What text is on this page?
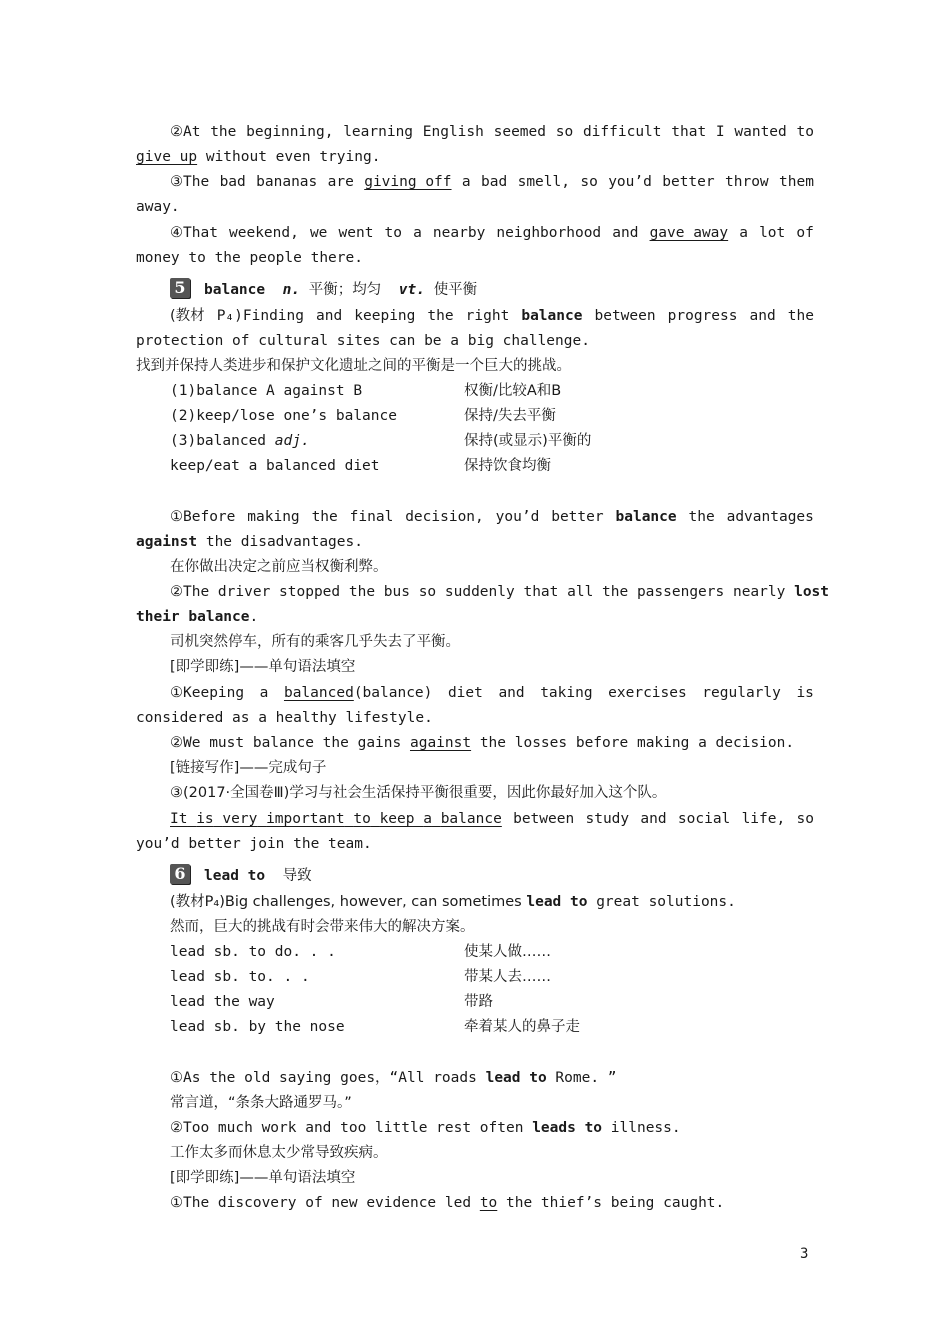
②At the beginning, learning English seemed so difficult that I wanted to
give up without even trying.
③The bad bananas are giving off a bad smell, so you’d better throw them
away.
④That weekend, we went to a nearby neighborhood and gave away a lot of
money to the people there.
5 balance n. 平衡；均匀 vt. 使平衡
(教材 P₄)Finding and keeping the right balance between progress and the
protection of cultural sites can be a big challenge.
找到并保持人类进步和保护文化遗址之间的平衡是一个巨大的挑战。
(1)balance A against B	权衡/比较A和B
(2)keep/lose one’s balance	保持/失去平衡
(3)balanced adj.	保持(或显示)平衡的
keep/eat a balanced diet	保持饮食均衡
①Before making the final decision, you’d better balance the advantages
against the disadvantages.
在你做出决定之前应当权衡利弊。
②The driver stopped the bus so suddenly that all the passengers nearly lost
their balance.
司机突然停车，所有的乘客几乎失去了平衡。
[即学即练]——单句语法填空
①Keeping a balanced(balance) diet and taking exercises regularly is
considered as a healthy lifestyle.
②We must balance the gains against the losses before making a decision.
[链接写作]——完成句子
③(2017·全国卷Ⅲ)学习与社会生活保持平衡很重要，因此你最好加入这个队。
It is very important to keep a balance between study and social life, so
you’d better join the team.
6 lead to 导致
(教材P₄)Big challenges, however, can sometimes lead to great solutions.
然而，巨大的挑战有时会带来伟大的解决方案。
lead sb. to do. . .	使某人做……
lead sb. to. . .	带某人去……
lead the way	带路
lead sb. by the nose	牵着某人的鼻子走
①As the old saying goes，“All roads lead to Rome. ”
常言道，“条条大路通罗马。”
②Too much work and too little rest often leads to illness.
工作太多而休息太少常导致疾病。
[即学即练]——单句语法填空
①The discovery of new evidence led to the thief’s being caught.
3
